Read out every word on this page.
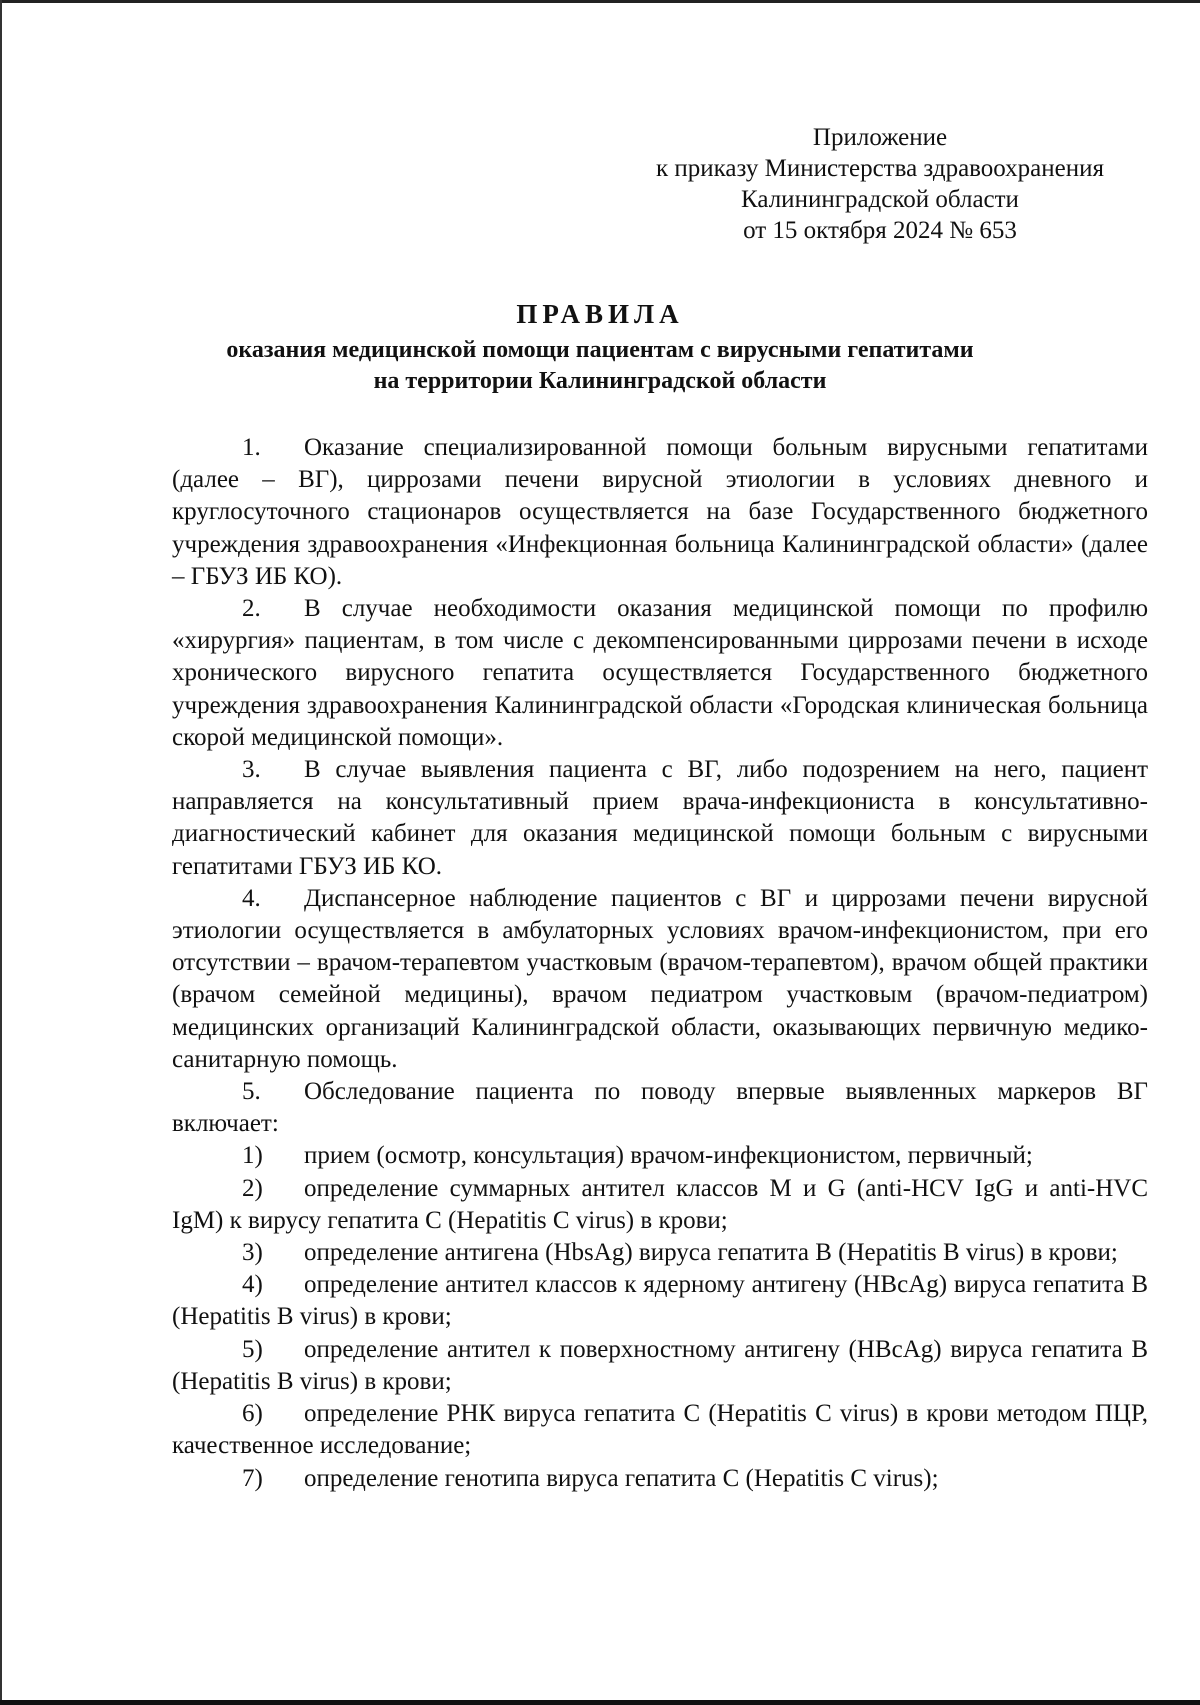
Приложение
к приказу Министерства здравоохранения
Калининградской области
от 15 октября 2024 № 653
ПРАВИЛА
оказания медицинской помощи пациентам с вирусными гепатитами
на территории Калининградской области

1. Оказание специализированной помощи больным вирусными гепатитами (далее – ВГ), циррозами печени вирусной этиологии в условиях дневного и круглосуточного стационаров осуществляется на базе Государственного бюджетного учреждения здравоохранения «Инфекционная больница Калининградской области» (далее – ГБУЗ ИБ КО).

2. В случае необходимости оказания медицинской помощи по профилю «хирургия» пациентам, в том числе с декомпенсированными циррозами печени в исходе хронического вирусного гепатита осуществляется Государственного бюджетного учреждения здравоохранения Калининградской области «Городская клиническая больница скорой медицинской помощи».

3. В случае выявления пациента с ВГ, либо подозрением на него, пациент направляется на консультативный прием врача-инфекциониста в консультативно-диагностический кабинет для оказания медицинской помощи больным с вирусными гепатитами ГБУЗ ИБ КО.

4. Диспансерное наблюдение пациентов с ВГ и циррозами печени вирусной этиологии осуществляется в амбулаторных условиях врачом-инфекционистом, при его отсутствии – врачом-терапевтом участковым (врачом-терапевтом), врачом общей практики (врачом семейной медицины), врачом педиатром участковым (врачом-педиатром) медицинских организаций Калининградской области, оказывающих первичную медико-санитарную помощь.

5. Обследование пациента по поводу впервые выявленных маркеров ВГ включает:

1) прием (осмотр, консультация) врачом-инфекционистом, первичный;

2) определение суммарных антител классов M и G (anti-HCV IgG и anti-HVC IgM) к вирусу гепатита C (Hepatitis C virus) в крови;

3) определение антигена (HbsAg) вируса гепатита B (Hepatitis B virus) в крови;

4) определение антител классов к ядерному антигену (HBcAg) вируса гепатита B (Hepatitis B virus) в крови;

5) определение антител к поверхностному антигену (HBcAg) вируса гепатита B (Hepatitis B virus) в крови;

6) определение РНК вируса гепатита C (Hepatitis C virus) в крови методом ПЦР, качественное исследование;

7) определение генотипа вируса гепатита C (Hepatitis C virus);
